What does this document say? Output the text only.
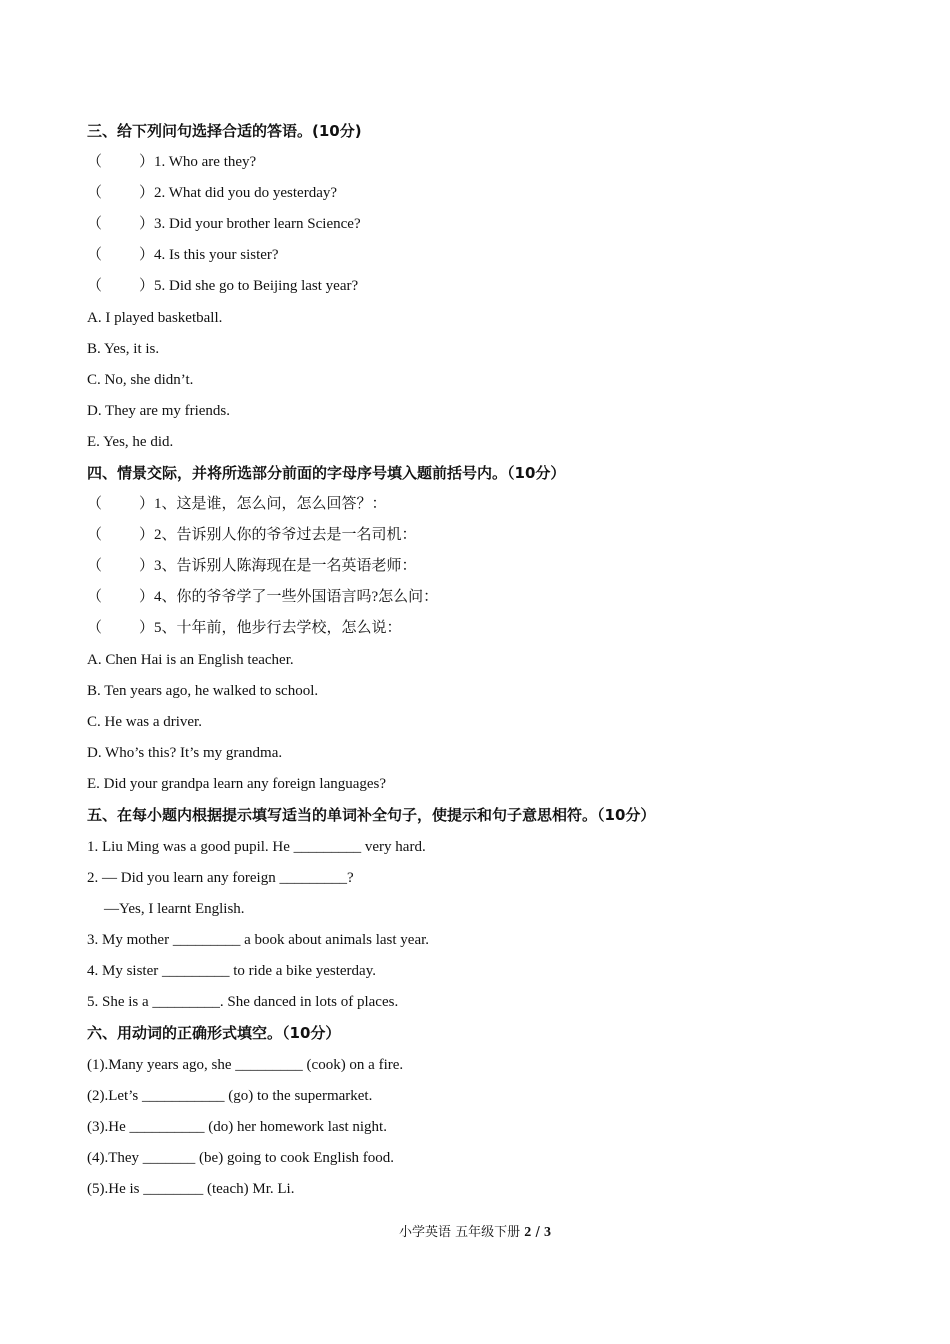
三、给下列问句选择合适的答语。(10分)
（ ）1. Who are they?
（ ）2. What did you do yesterday?
（ ）3. Did your brother learn Science?
（ ）4. Is this your sister?
（ ）5. Did she go to Beijing last year?
A. I played basketball.
B. Yes, it is.
C. No, she didn’t.
D. They are my friends.
E. Yes, he did.
四、情景交际，并将所选部分前面的字母序号填入题前括号内。（10分）
（ ）1、这是谁，怎么问，怎么回答？：
（ ）2、告诉别人你的爷爷过去是一名司机：
（ ）3、告诉别人陈海现在是一名英语老师：
（ ）4、你的爷爷学了一些外国语言吗?怎么问：
（ ）5、十年前，他步行去学校，怎么说：
A. Chen Hai is an English teacher.
B. Ten years ago, he walked to school.
C. He was a driver.
D. Who’s this? It’s my grandma.
E. Did your grandpa learn any foreign languages?
五、在每小题内根据提示填写适当的单词补全句子，使提示和句子意思相符。（10分）
1. Liu Ming was a good pupil. He _________ very hard.
2. — Did you learn any foreign _________?
—Yes, I learnt English.
3. My mother _________ a book about animals last year.
4. My sister _________ to ride a bike yesterday.
5. She is a _________. She danced in lots of places.
六、用动词的正确形式填空。（10分）
(1).Many years ago, she _________ (cook) on a fire.
(2).Let’s ___________ (go) to the supermarket.
(3).He __________ (do) her homework last night.
(4).They _______ (be) going to cook English food.
(5).He is ________ (teach) Mr. Li.
小学英语 五年级下册 2 / 3
